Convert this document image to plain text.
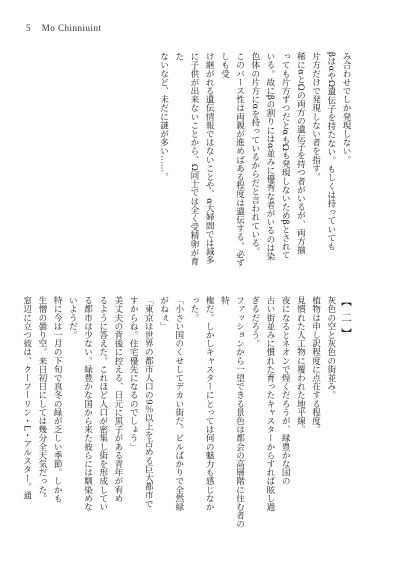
5 Mo Chinniuint

み合わせでしか発現しない。

βはαやΩ遺伝子を持たない。もしくは持っていても

片方だけで発現しない者を指す。

稀にαとΩの両方の遺伝子を持つ者がいるが、両方揃

っても片方ずつだとαもΩも発現しないためβとされて

いる。故にβの割りにはα並みに優秀な者がいるのは染

色体の片方にαを持っているからだと言われている。

このバース性は両親が進めばある程度は遺伝する。必ずしも受

け継がれる遺伝情報ではないことや、α大婦間では減多

に子供が出来ないことから、Ω同士では全く受精卵が育た

ないなど、未だに謎が多い……。

【 二 】

灰色の空と灰色の街並み。

植物は申し訳程度に点在する程度。

見慣れた人工物に覆われた地平線。

夜になるとネオンで煌くだろうが、緑豊かな国の

古い街並みに慣れた育ったキャスターからすれば眩し過

ぎるだろう。

ファッションから一望できる景色は都会の高層階に住む者の特

権だ。しかしキャスターにとっては何の魅力も感じなか

った。

「小さい国のくせしてデカい街だ。ビルばかりで全然緑

がねぇ」

「東京は世界の都市人口の9％以上を占める巨大都市で

すからね。住宅優先になるのでしょう」

美丈夫の背後に控える、日元に黒子がある青年が宥め

るように答えた。これほど人口が密集し街を形成してい

る都市は少ない。緑豊かな国から来た彼らには馴染めな

いようだ。

特に今は一月の下旬で真冬の緑が乏しい季節。しかも

生憎の曇り空。来日初日にしては幾分全天気だった。

窓辺に立つ彼は、クーフーリン・L・アルスター。通
